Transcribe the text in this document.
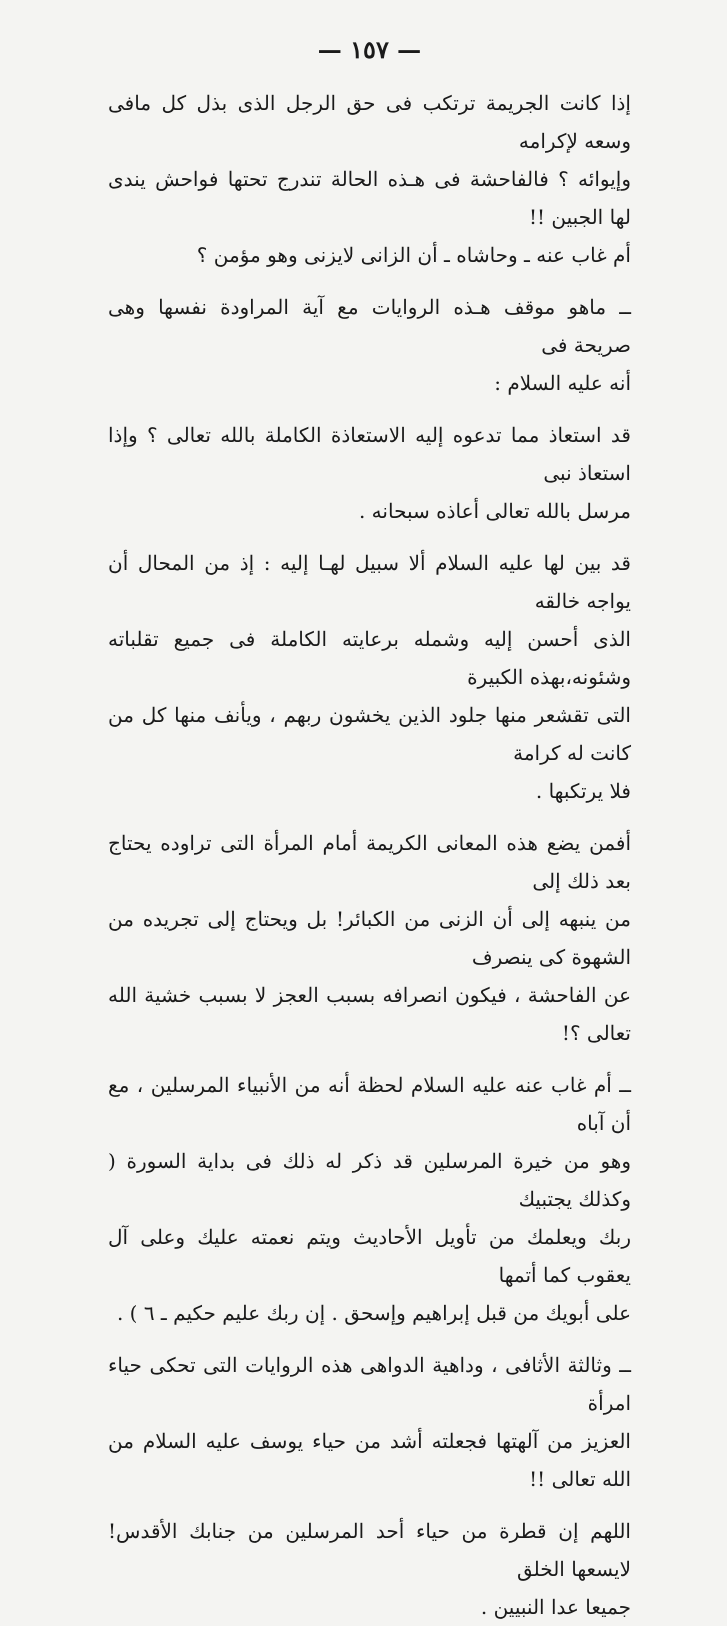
— ١٥٧ —

إذا كانت الجريمة ترتكب فى حق الرجل الذى بذل كل مافى وسعه لإكرامه
وإيوائه ؟ فالفاحشة فى هـذه الحالة تندرج تحتها فواحش يندى لها الجبين !!
أم غاب عنه ـ وحاشاه ـ أن الزانى لايزنى وهو مؤمن ؟

ــ ماهو موقف هـذه الروايات مع آية المراودة نفسها وهى صريحة فى
أنه عليه السلام :

قد استعاذ مما تدعوه إليه الاستعاذة الكاملة بالله تعالى ؟ وإذا استعاذ نبى
مرسل بالله تعالى أعاذه سبحانه .

قد بين لها عليه السلام ألا سبيل لهـا إليه : إذ من المحال أن يواجه خالقه
الذى أحسن إليه وشمله برعايته الكاملة فى جميع تقلباته وشئونه،بهذه الكبيرة
التى تقشعر منها جلود الذين يخشون ربهم ، ويأنف منها كل من كانت له كرامة
فلا يرتكبها .

أفمن يضع هذه المعانى الكريمة أمام المرأة التى تراوده يحتاج بعد ذلك إلى
من ينبهه إلى أن الزنى من الكبائر! بل ويحتاج إلى تجريده من الشهوة كى ينصرف
عن الفاحشة ، فيكون انصرافه بسبب العجز لا بسبب خشية الله تعالى ؟!

ــ أم غاب عنه عليه السلام لحظة أنه من الأنبياء المرسلين ، مع أن آباه
وهو من خيرة المرسلين قد ذكر له ذلك فى بداية السورة ( وكذلك يجتبيك
ربك ويعلمك من تأويل الأحاديث ويتم نعمته عليك وعلى آل يعقوب كما أتمها
على أبويك من قبل إبراهيم وإسحق . إن ربك عليم حكيم ـ ٦ ) .

ــ وثالثة الأثافى ، وداهية الدواهى هذه الروايات التى تحكى حياء امرأة
العزيز من آلهتها فجعلته أشد من حياء يوسف عليه السلام من الله تعالى !!

اللهم إن قطرة من حياء أحد المرسلين من جنابك الأقدس! لايسعها الخلق
جميعا عدا النبيين .
